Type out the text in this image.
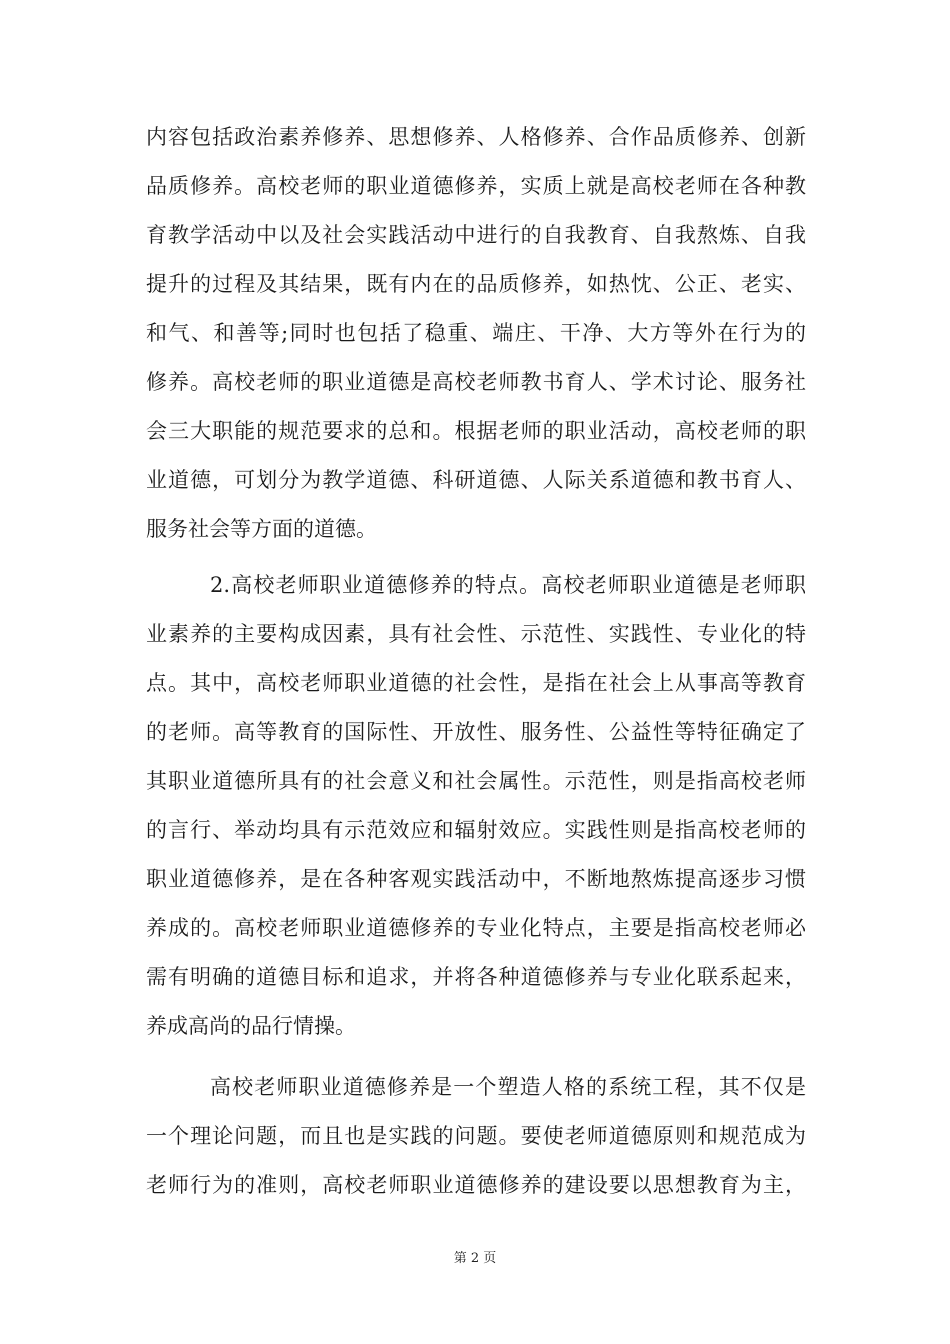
内容包括政治素养修养、思想修养、人格修养、合作品质修养、创新
品质修养。高校老师的职业道德修养，实质上就是高校老师在各种教
育教学活动中以及社会实践活动中进行的自我教育、自我熬炼、自我
提升的过程及其结果，既有内在的品质修养，如热忱、公正、老实、
和气、和善等;同时也包括了稳重、端庄、干净、大方等外在行为的
修养。高校老师的职业道德是高校老师教书育人、学术讨论、服务社
会三大职能的规范要求的总和。根据老师的职业活动，高校老师的职
业道德，可划分为教学道德、科研道德、人际关系道德和教书育人、
服务社会等方面的道德。
2.高校老师职业道德修养的特点。高校老师职业道德是老师职
业素养的主要构成因素，具有社会性、示范性、实践性、专业化的特
点。其中，高校老师职业道德的社会性，是指在社会上从事高等教育
的老师。高等教育的国际性、开放性、服务性、公益性等特征确定了
其职业道德所具有的社会意义和社会属性。示范性，则是指高校老师
的言行、举动均具有示范效应和辐射效应。实践性则是指高校老师的
职业道德修养，是在各种客观实践活动中，不断地熬炼提高逐步习惯
养成的。高校老师职业道德修养的专业化特点，主要是指高校老师必
需有明确的道德目标和追求，并将各种道德修养与专业化联系起来，
养成高尚的品行情操。
高校老师职业道德修养是一个塑造人格的系统工程，其不仅是
一个理论问题，而且也是实践的问题。要使老师道德原则和规范成为
老师行为的准则，高校老师职业道德修养的建设要以思想教育为主，
第 2 页
